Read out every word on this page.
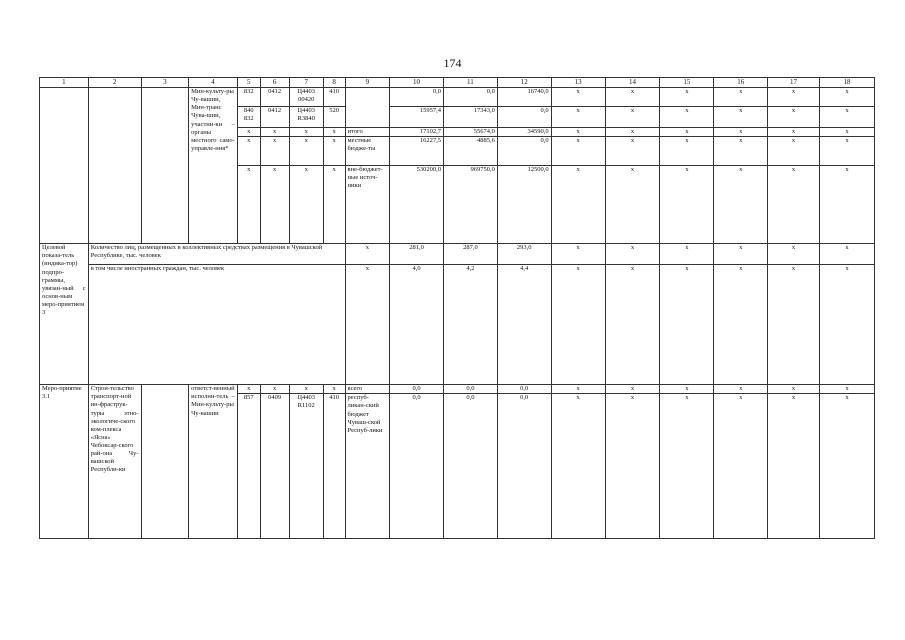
174
1	2	3	4	5	6	7	8	9	10	11	12	13	14	15	16	17	18
			Мин-культу-ры Чу-вашии, Мин-транс Чува-шии, участни-ки – органы местного само-управле-ния*	832	0412	Ц4403 00420	410		0,0	0,0	16740,0	x	x	x	x	x	x
				840 832	0412	Ц4403 R3840	520		15957,4	17343,0	0,0	x	x	x	x	x	x
				x	x	x	x	итого	17102,7	55674,0	34590,0	x	x	x	x	x	x
				x	x	x	x	местные бюдже-ты	16227,5	4885,6	0,0	x	x	x	x	x	x
				x	x	x	x	вне-бюджет-ные источ-ники	530200,0	969750,0	12500,0	x	x	x	x	x	x
Целевой показа-тель (индика-тор) подпро-граммы, увязан-ный с основ-ным меро-приятием 3	Количество лиц, размещенных в коллективных средствах размещения в Чувашской Республике, тыс. человек							x	281,0	287,0	293,0	x	x	x	x	x	x
	в том числе иностранных граждан, тыс. человек							x	4,0	4,2	4,4	x	x	x	x	x	x
Меро-приятие 3.1	Строи-тельство транспорт-ной ин-фраструк-туры этно-экологиче-ского ком-плекса «Ясна» Чебоксар-ского рай-она Чу-вашской Республи-ки		ответст-венный исполни-тель – Мин-культу-ры Чу-вашии	x	x	x	x	всего	0,0	0,0	0,0	x	x	x	x	x	x
				857	0409	Ц4403 R1102	410	респуб-ликан-ский бюджет Чуваш-ской Респуб-лики	0,0	0,0	0,0	x	x	x	x	x	x
